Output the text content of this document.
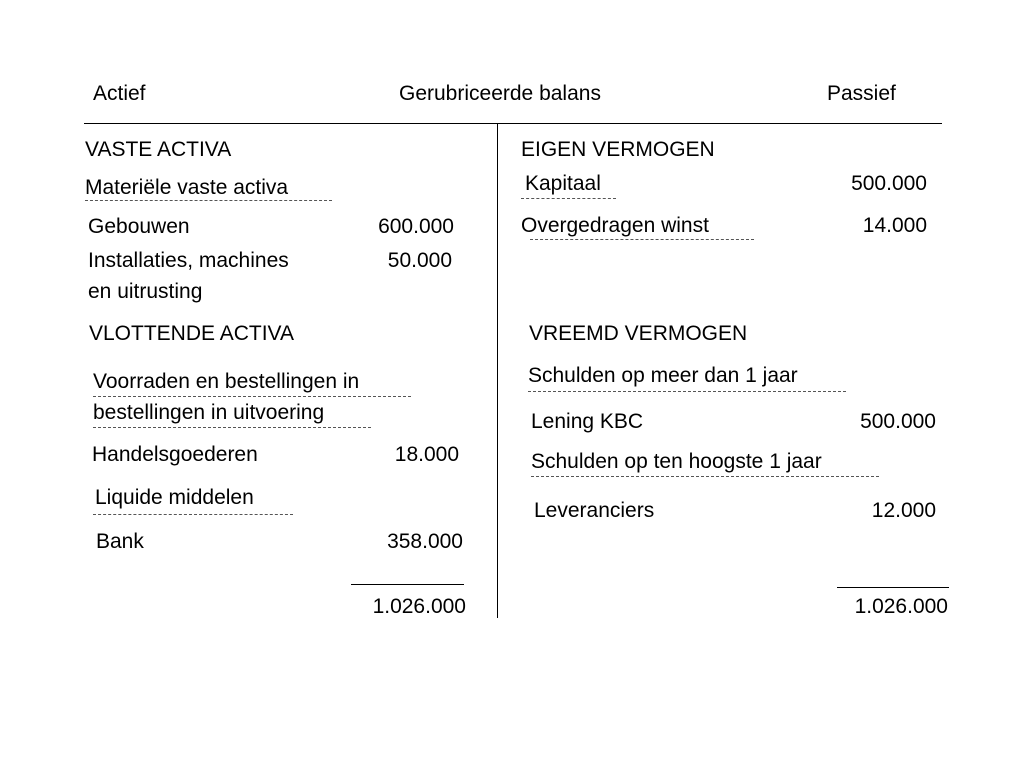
Actief	Gerubriceerde balans	Passief
VASTE ACTIVA
Materiële vaste activa
Gebouwen	600.000
Installaties, machines
en uitrusting
50.000
VLOTTENDE ACTIVA
Voorraden en bestellingen in
bestellingen in uitvoering
Handelsgoederen	18.000
Liquide middelen
Bank	358.000
1.026.000
EIGEN VERMOGEN
Kapitaal	500.000
Overgedragen winst	14.000
VREEMD VERMOGEN
Schulden op meer dan 1 jaar
Lening KBC	500.000
Schulden op ten hoogste 1 jaar
Leveranciers	12.000
1.026.000
